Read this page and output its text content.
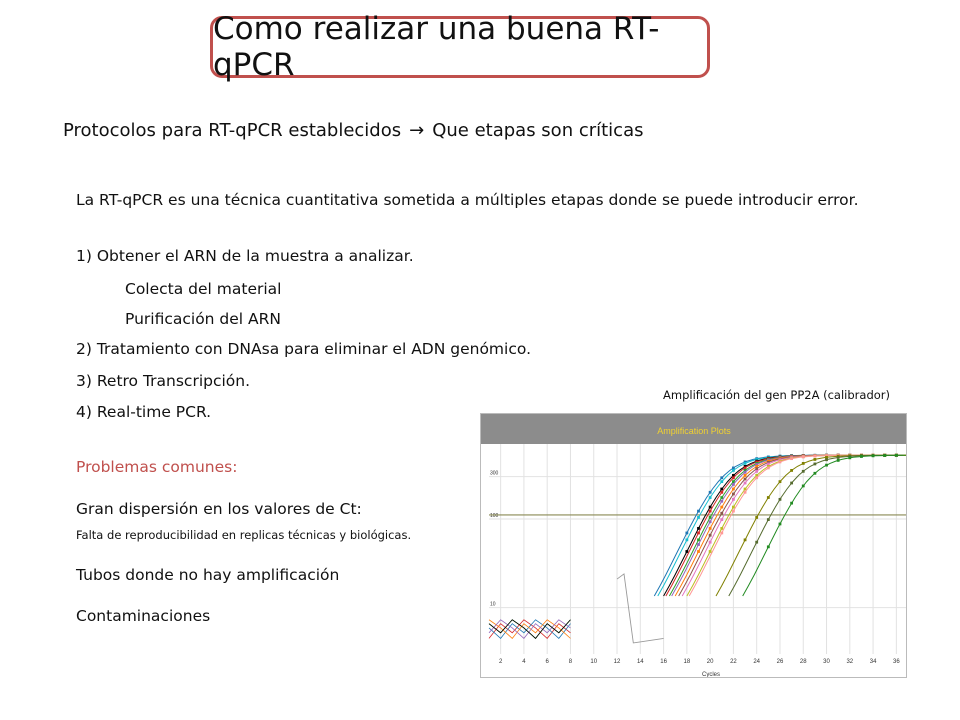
Como realizar una buena RT-qPCR
Protocolos para RT-qPCR establecidos → Que etapas son críticas
La RT-qPCR es una técnica cuantitativa sometida a múltiples etapas donde se puede introducir error.
1) Obtener el ARN de la muestra a analizar.
Colecta del material
Purificación del ARN
2) Tratamiento con DNAsa para eliminar el ADN genómico.
3) Retro Transcripción.
4) Real-time PCR.
Problemas comunes:
Gran dispersión en los valores de Ct:
Falta de reproducibilidad en replicas técnicas y biológicas.
Tubos donde no hay amplificación
Contaminaciones
Amplificación del gen PP2A (calibrador)
Amplification Plots
2	4	6	8	10	12	14	16	18	20	22	24	26	28	30	32	34	36
10
100
300
Cycles
